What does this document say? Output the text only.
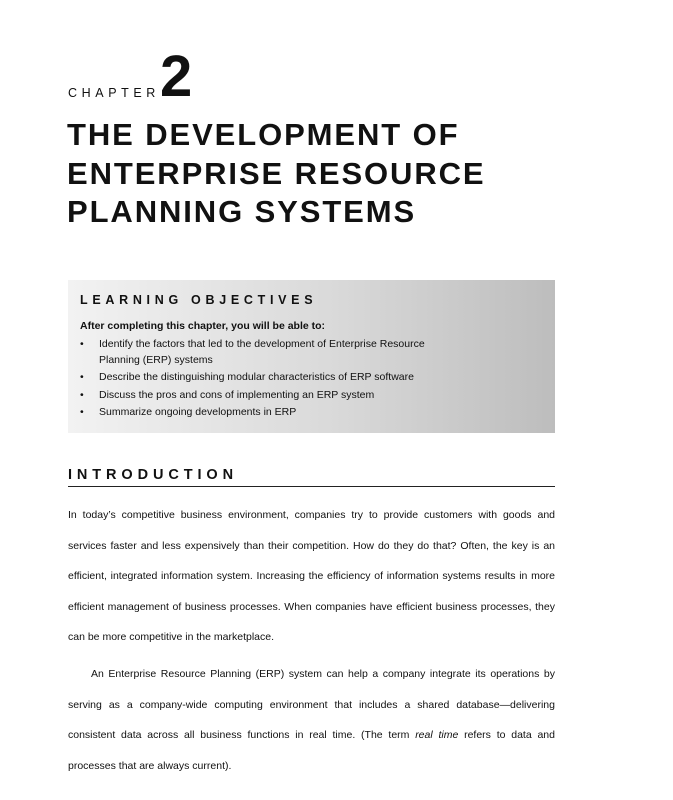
CHAPTER 2
THE DEVELOPMENT OF
ENTERPRISE RESOURCE
PLANNING SYSTEMS
LEARNING OBJECTIVES
After completing this chapter, you will be able to:
• Identify the factors that led to the development of Enterprise Resource Planning (ERP) systems
• Describe the distinguishing modular characteristics of ERP software
• Discuss the pros and cons of implementing an ERP system
• Summarize ongoing developments in ERP
INTRODUCTION

In today’s competitive business environment, companies try to provide customers with goods and services faster and less expensively than their competition. How do they do that? Often, the key is an efficient, integrated information system. Increasing the efficiency of information systems results in more efficient management of business processes. When companies have efficient business processes, they can be more competitive in the marketplace.

An Enterprise Resource Planning (ERP) system can help a company integrate its operations by serving as a company-wide computing environment that includes a shared database—delivering consistent data across all business functions in real time. (The term real time refers to data and processes that are always current).
